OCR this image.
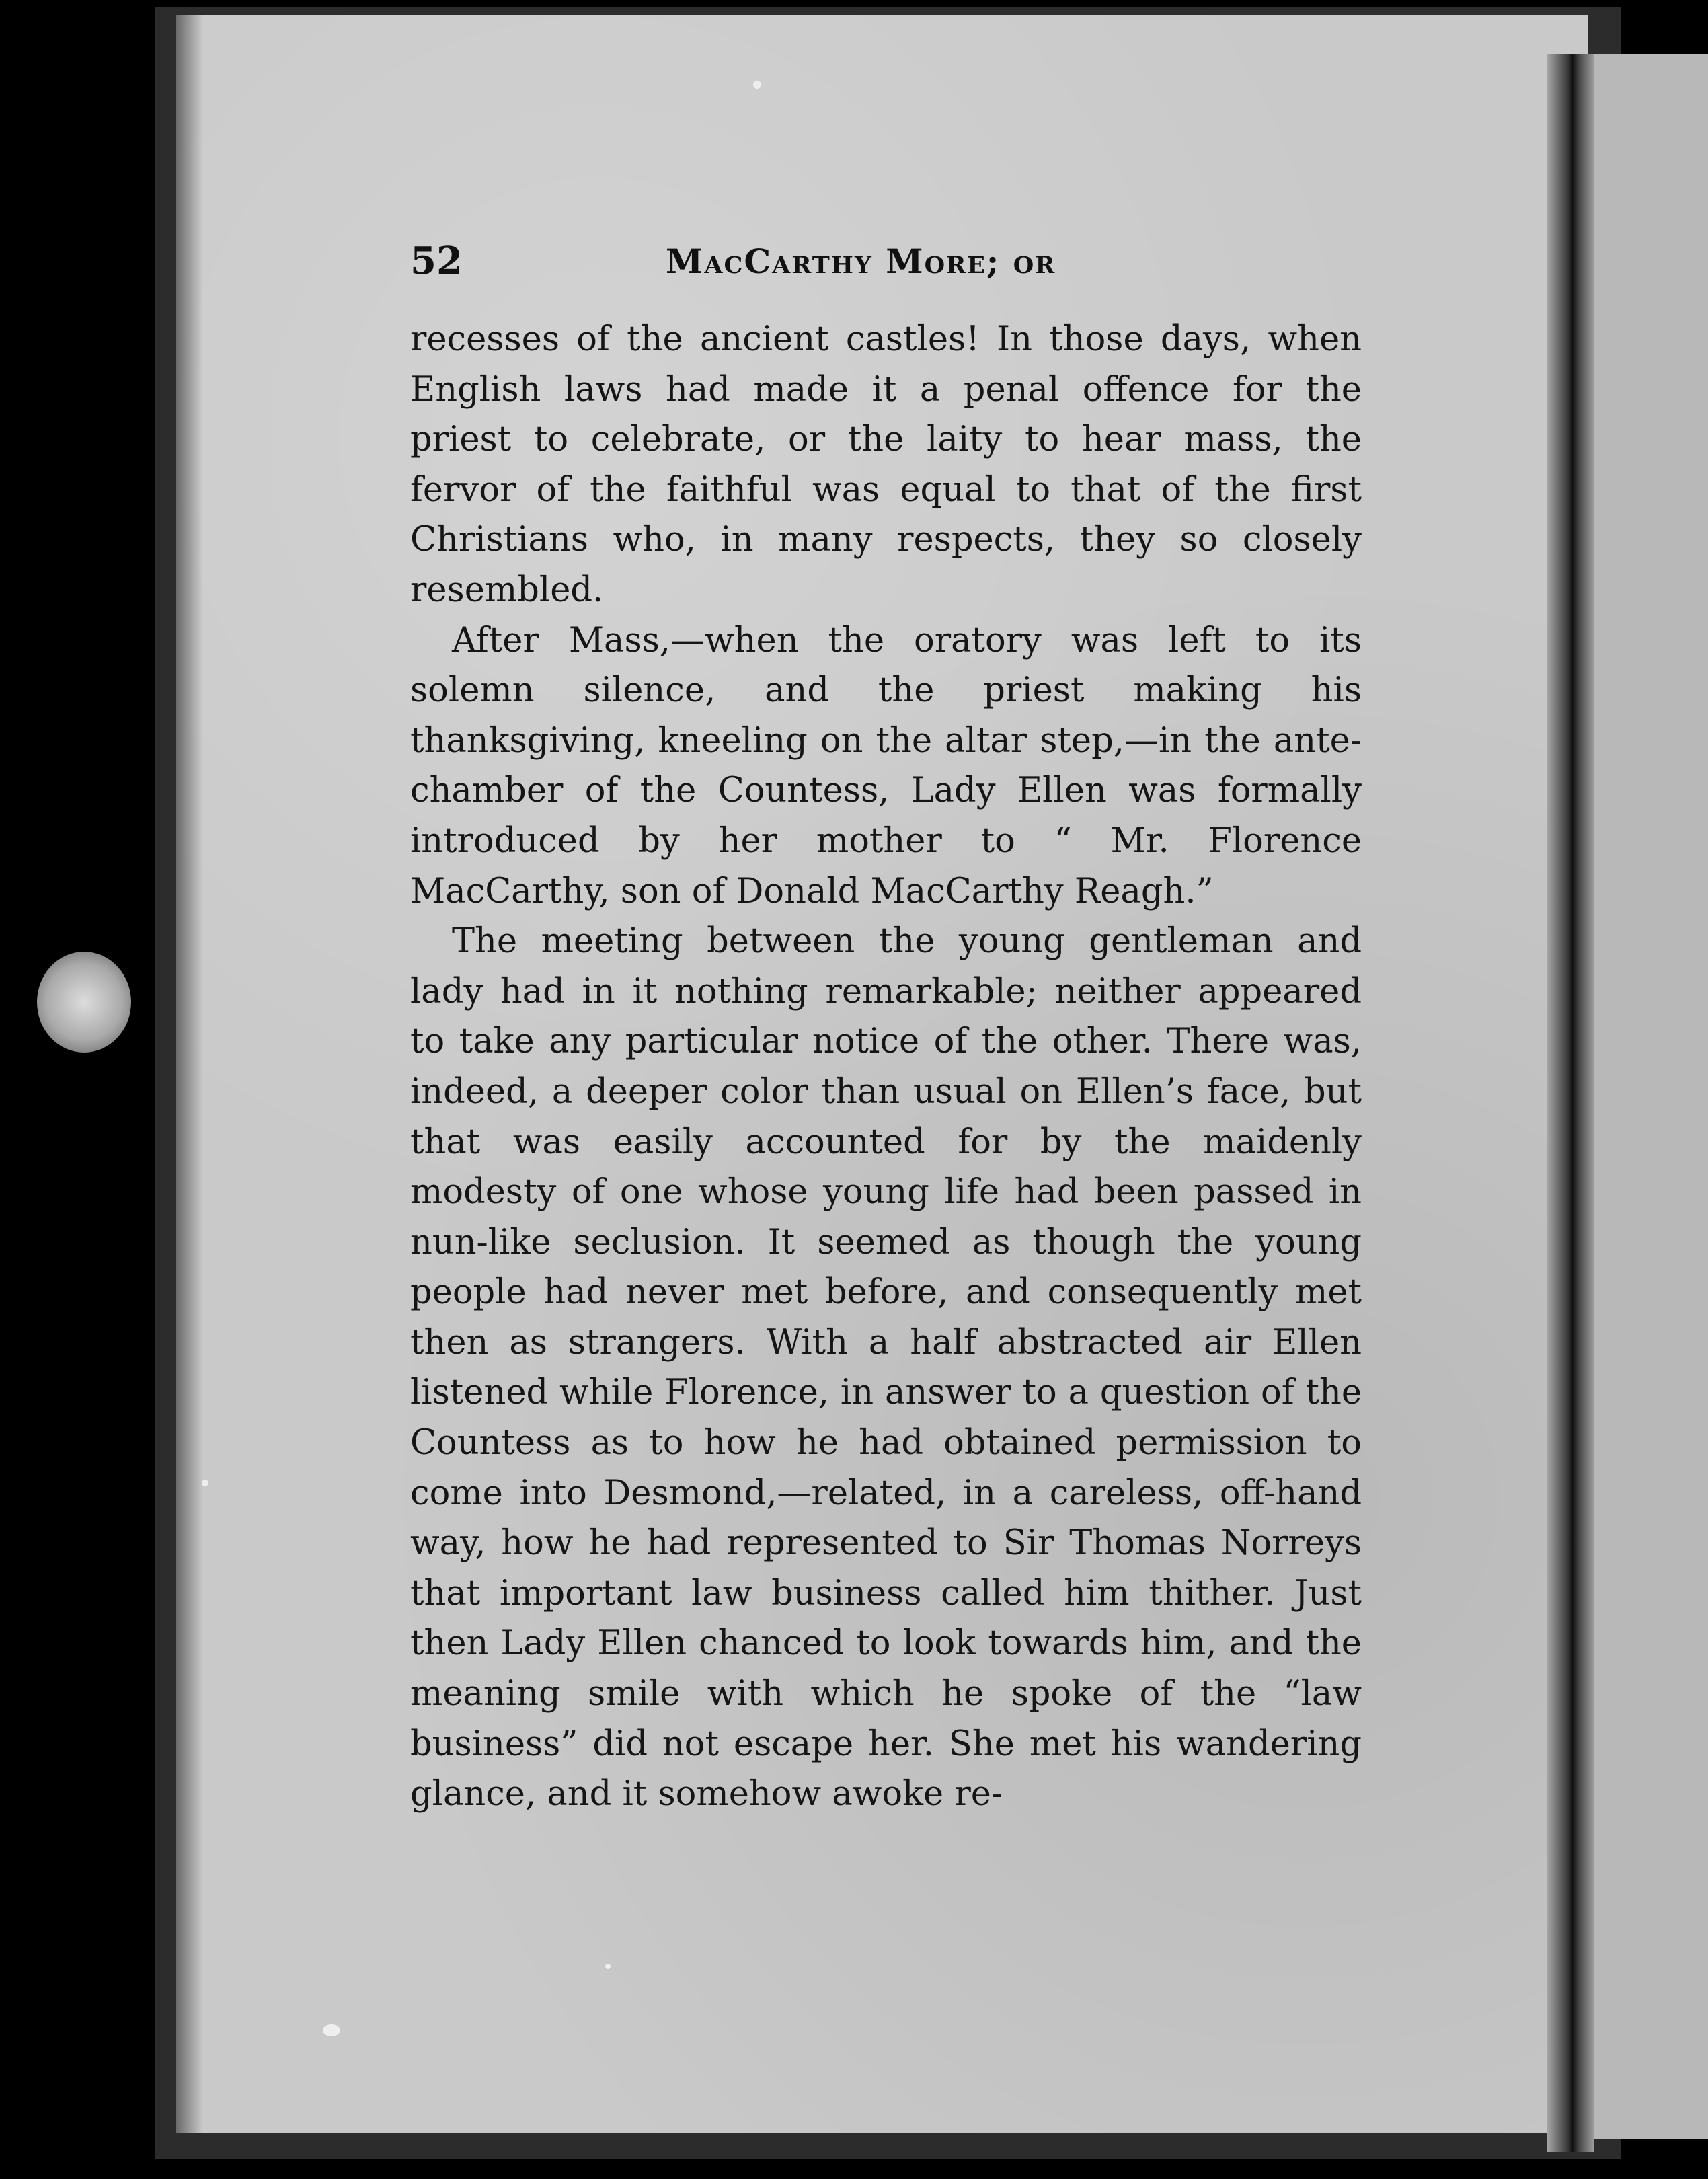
52	MacCarthy More; or

recesses of the ancient castles! In those days, when English laws had made it a penal offence for the priest to celebrate, or the laity to hear mass, the fervor of the faithful was equal to that of the first Christians who, in many respects, they so closely resembled.

After Mass,—when the oratory was left to its solemn silence, and the priest making his thanksgiving, kneeling on the altar step,—in the ante-chamber of the Countess, Lady Ellen was formally introduced by her mother to “ Mr. Florence MacCarthy, son of Donald MacCarthy Reagh.”

The meeting between the young gentleman and lady had in it nothing remarkable; neither appeared to take any particular notice of the other. There was, indeed, a deeper color than usual on Ellen’s face, but that was easily accounted for by the maidenly modesty of one whose young life had been passed in nun-like seclusion. It seemed as though the young people had never met before, and consequently met then as strangers. With a half abstracted air Ellen listened while Florence, in answer to a question of the Countess as to how he had obtained permission to come into Desmond,—related, in a careless, off-hand way, how he had represented to Sir Thomas Norreys that important law business called him thither. Just then Lady Ellen chanced to look towards him, and the meaning smile with which he spoke of the “law business” did not escape her. She met his wandering glance, and it somehow awoke re-
